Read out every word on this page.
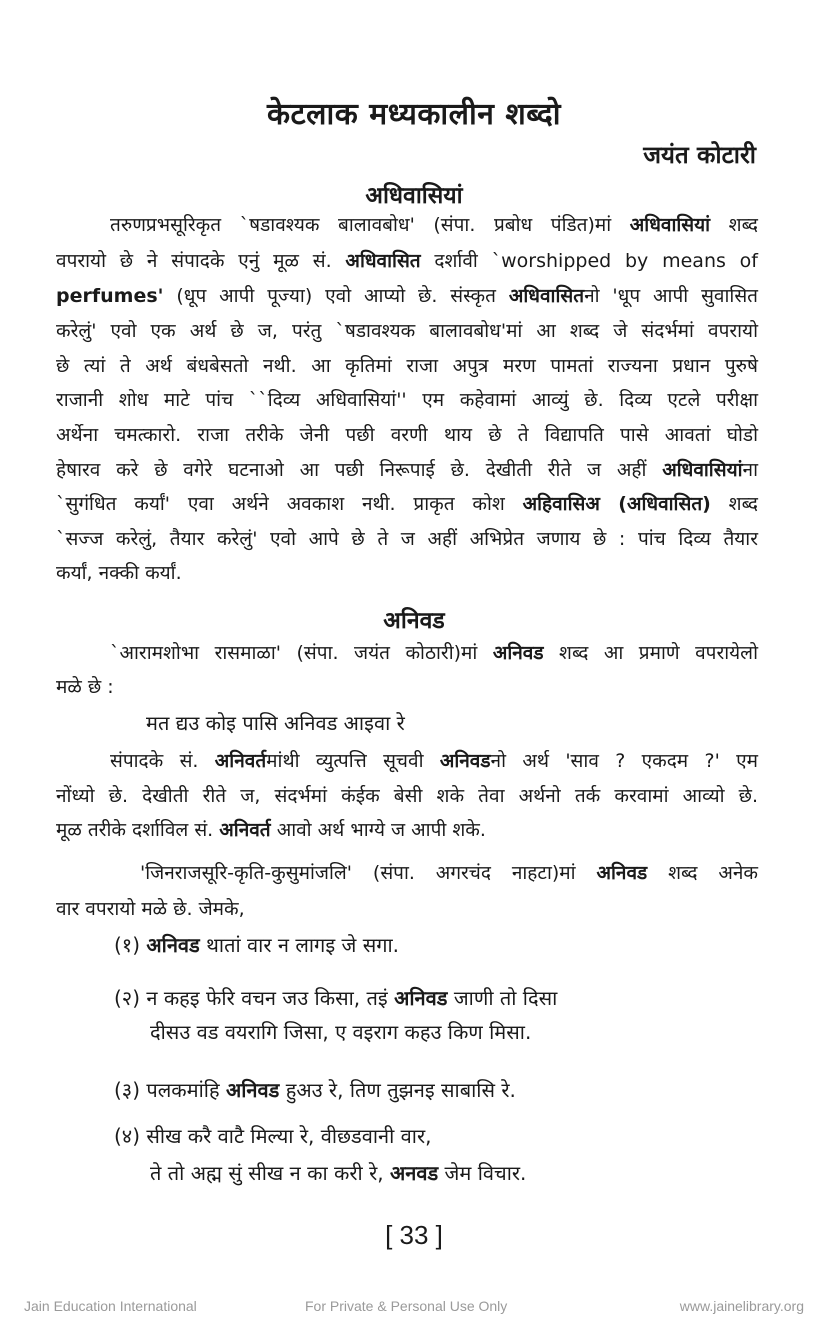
केटलाक मध्यकालीन शब्दो
जयंत कोटारी
अधिवासियां
तरुणप्रभसूरिकृत `षडावश्यक बालावबोध' (संपा. प्रबोध पंडित)मां अधिवासियां शब्द
वपरायो छे ने संपादके एनुं मूळ सं. अधिवासित दर्शावी `worshipped by means of
perfumes' (धूप आपी पूज्या) एवो आप्यो छे. संस्कृत अधिवासितनो 'धूप आपी सुवासित
करेलुं' एवो एक अर्थ छे ज, परंतु `षडावश्यक बालावबोध'मां आ शब्द जे संदर्भमां वपरायो
छे त्यां ते अर्थ बंधबेसतो नथी. आ कृतिमां राजा अपुत्र मरण पामतां राज्यना प्रधान पुरुषे
राजानी शोध माटे पांच ``दिव्य अधिवासियां'' एम कहेवामां आव्युं छे. दिव्य एटले परीक्षा
अर्थेना चमत्कारो. राजा तरीके जेनी पछी वरणी थाय छे ते विद्यापति पासे आवतां घोडो
हेषारव करे छे वगेरे घटनाओ आ पछी निरूपाई छे. देखीती रीते ज अहीं अधिवासियांना
`सुगंधित कर्यां' एवा अर्थने अवकाश नथी. प्राकृत कोश अहिवासिअ (अधिवासित) शब्द
`सज्ज करेलुं, तैयार करेलुं' एवो आपे छे ते ज अहीं अभिप्रेत जणाय छे : पांच दिव्य तैयार
कर्यां, नक्की कर्यां.
अनिवड
`आरामशोभा रासमाळा' (संपा. जयंत कोठारी)मां अनिवड शब्द आ प्रमाणे वपरायेलो
मळे छे :
मत द्यउ कोइ पासि अनिवड आइवा रे
संपादके सं. अनिवर्तमांथी व्युत्पत्ति सूचवी अनिवडनो अर्थ 'साव ? एकदम ?' एम
नोंध्यो छे. देखीती रीते ज, संदर्भमां कंईक बेसी शके तेवा अर्थनो तर्क करवामां आव्यो छे.
मूळ तरीके दर्शाविल सं. अनिवर्त आवो अर्थ भाग्ये ज आपी शके.
'जिनराजसूरि-कृति-कुसुमांजलि' (संपा. अगरचंद नाहटा)मां अनिवड शब्द अनेक
वार वपरायो मळे छे. जेमके,
(१) अनिवड थातां वार न लागइ जे सगा.
(२) न कहइ फेरि वचन जउ किसा, तइं अनिवड जाणी तो दिसा
दीसउ वड वयरागि जिसा, ए वइराग कहउ किण मिसा.
(३) पलकमांहि अनिवड हुअउ रे, तिण तुझनइ साबासि रे.
(४) सीख करै वाटै मिल्या रे, वीछडवानी वार,
ते तो अह्म सुं सीख न का करी रे, अनवड जेम विचार.
[ 33 ]
Jain Education International	For Private & Personal Use Only	www.jainelibrary.org
